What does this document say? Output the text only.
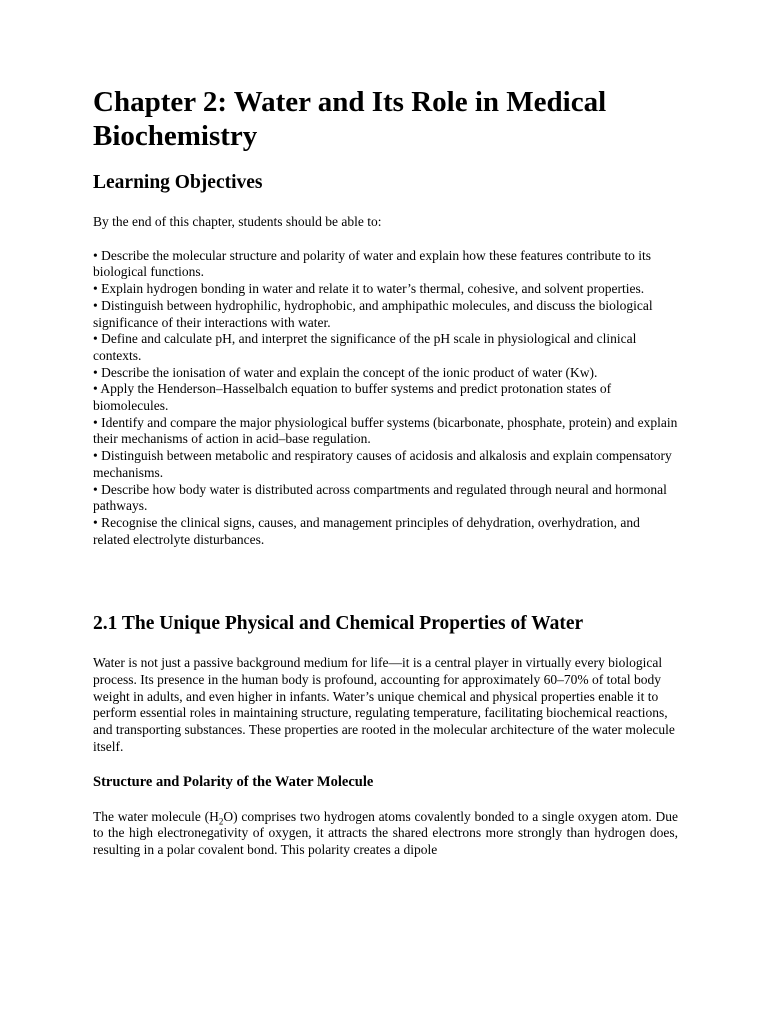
Chapter 2: Water and Its Role in Medical Biochemistry
Learning Objectives

By the end of this chapter, students should be able to:

• Describe the molecular structure and polarity of water and explain how these features contribute to its biological functions.
• Explain hydrogen bonding in water and relate it to water’s thermal, cohesive, and solvent properties.
• Distinguish between hydrophilic, hydrophobic, and amphipathic molecules, and discuss the biological significance of their interactions with water.
• Define and calculate pH, and interpret the significance of the pH scale in physiological and clinical contexts.
• Describe the ionisation of water and explain the concept of the ionic product of water (Kw).
• Apply the Henderson–Hasselbalch equation to buffer systems and predict protonation states of biomolecules.
• Identify and compare the major physiological buffer systems (bicarbonate, phosphate, protein) and explain their mechanisms of action in acid–base regulation.
• Distinguish between metabolic and respiratory causes of acidosis and alkalosis and explain compensatory mechanisms.
• Describe how body water is distributed across compartments and regulated through neural and hormonal pathways.
• Recognise the clinical signs, causes, and management principles of dehydration, overhydration, and related electrolyte disturbances.
2.1 The Unique Physical and Chemical Properties of Water

Water is not just a passive background medium for life—it is a central player in virtually every biological process. Its presence in the human body is profound, accounting for approximately 60–70% of total body weight in adults, and even higher in infants. Water’s unique chemical and physical properties enable it to perform essential roles in maintaining structure, regulating temperature, facilitating biochemical reactions, and transporting substances. These properties are rooted in the molecular architecture of the water molecule itself.

Structure and Polarity of the Water Molecule

The water molecule $(H_2O)$ comprises two hydrogen atoms covalently bonded to a single oxygen atom. Due to the high electronegativity of oxygen, it attracts the shared electrons more strongly than hydrogen does, resulting in a polar covalent bond. This polarity creates a dipole
